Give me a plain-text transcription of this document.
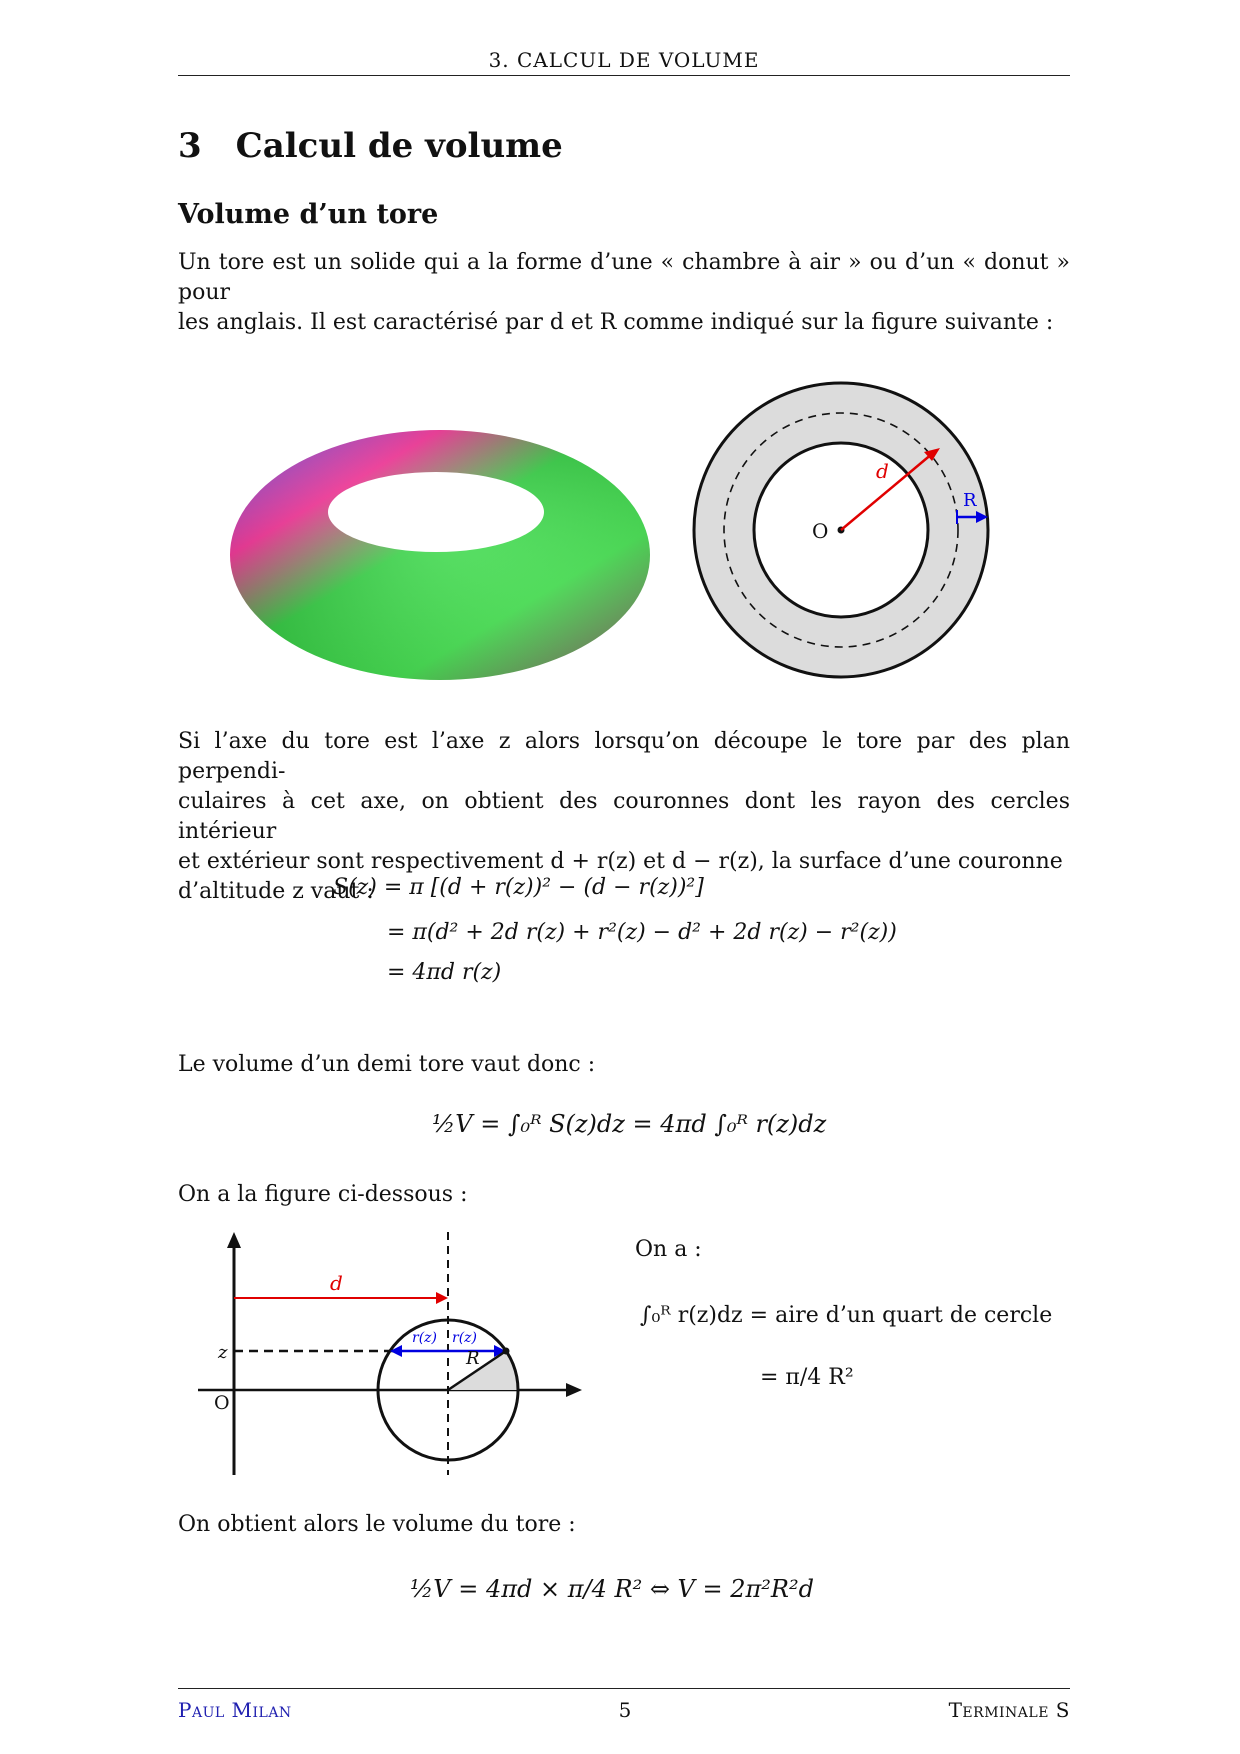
3. CALCUL DE VOLUME
3 Calcul de volume
Volume d’un tore
Un tore est un solide qui a la forme d’une « chambre à air » ou d’un « donut » pour
les anglais. Il est caractérisé par d et R comme indiqué sur la figure suivante :
d
R
O
Si l’axe du tore est l’axe z alors lorsqu’on découpe le tore par des plan perpendi-
culaires à cet axe, on obtient des couronnes dont les rayon des cercles intérieur
et extérieur sont respectivement d + r(z) et d − r(z), la surface d’une couronne
d’altitude z vaut :
S(z) = π [(d + r(z))² − (d − r(z))²]
= π(d² + 2d r(z) + r²(z) − d² + 2d r(z) − r²(z))
= 4πd r(z)
Le volume d’un demi tore vaut donc :
½V = ∫₀ᴿ S(z)dz = 4πd ∫₀ᴿ r(z)dz
On a la figure ci-dessous :
d
z
O
r(z) r(z)
R
On a :
∫₀ᴿ r(z)dz = aire d’un quart de cercle
= π/4 R²
On obtient alors le volume du tore :
½V = 4πd × π/4 R² ⇔ V = 2π²R²d
Paul Milan	5	Terminale S
